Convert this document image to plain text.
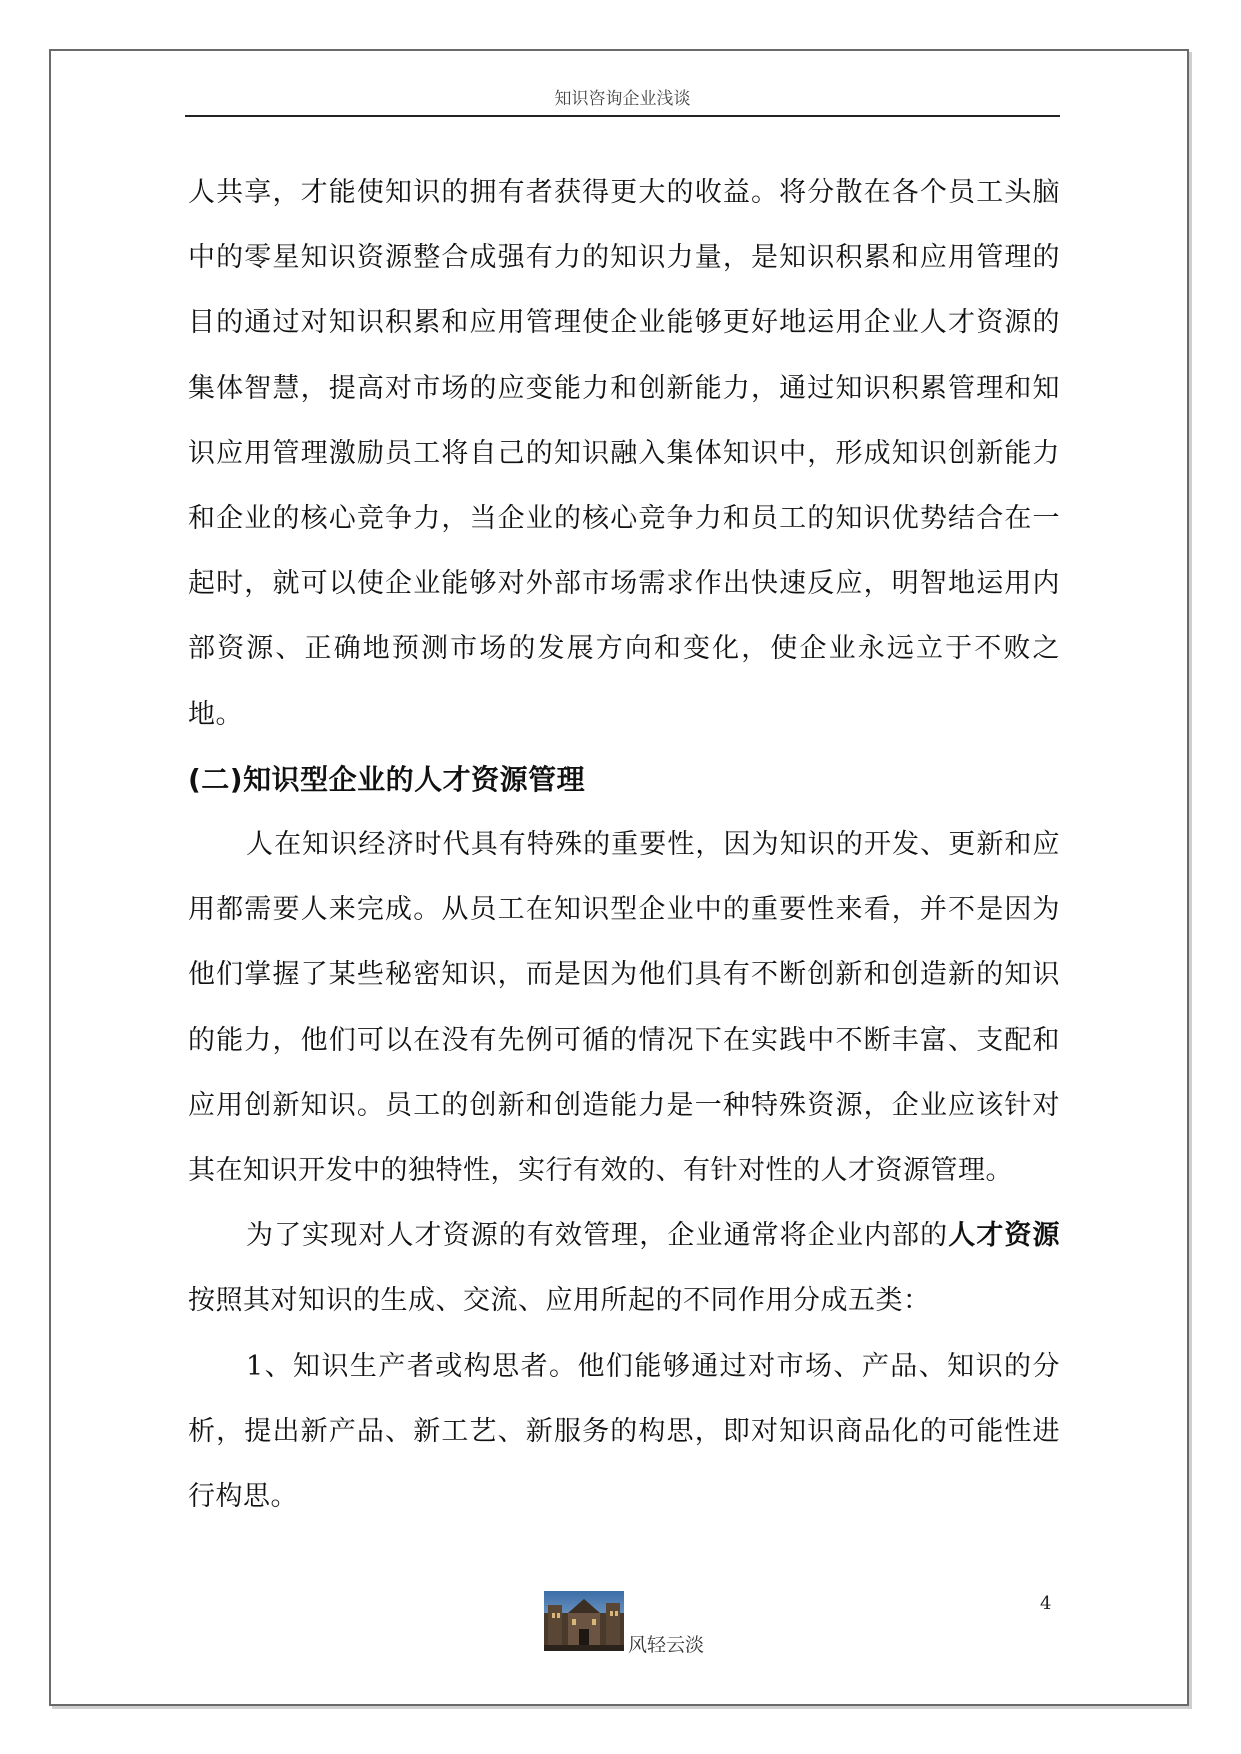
知识咨询企业浅谈

人共享，才能使知识的拥有者获得更大的收益。将分散在各个员工头脑中的零星知识资源整合成强有力的知识力量，是知识积累和应用管理的目的通过对知识积累和应用管理使企业能够更好地运用企业人才资源的集体智慧，提高对市场的应变能力和创新能力，通过知识积累管理和知识应用管理激励员工将自己的知识融入集体知识中，形成知识创新能力和企业的核心竞争力，当企业的核心竞争力和员工的知识优势结合在一起时，就可以使企业能够对外部市场需求作出快速反应，明智地运用内部资源、正确地预测市场的发展方向和变化，使企业永远立于不败之地。

(二)知识型企业的人才资源管理

人在知识经济时代具有特殊的重要性，因为知识的开发、更新和应用都需要人来完成。从员工在知识型企业中的重要性来看，并不是因为他们掌握了某些秘密知识，而是因为他们具有不断创新和创造新的知识的能力，他们可以在没有先例可循的情况下在实践中不断丰富、支配和应用创新知识。员工的创新和创造能力是一种特殊资源，企业应该针对其在知识开发中的独特性，实行有效的、有针对性的人才资源管理。

为了实现对人才资源的有效管理，企业通常将企业内部的人才资源按照其对知识的生成、交流、应用所起的不同作用分成五类：

1、知识生产者或构思者。他们能够通过对市场、产品、知识的分析，提出新产品、新工艺、新服务的构思，即对知识商品化的可能性进行构思。

4
风轻云淡
